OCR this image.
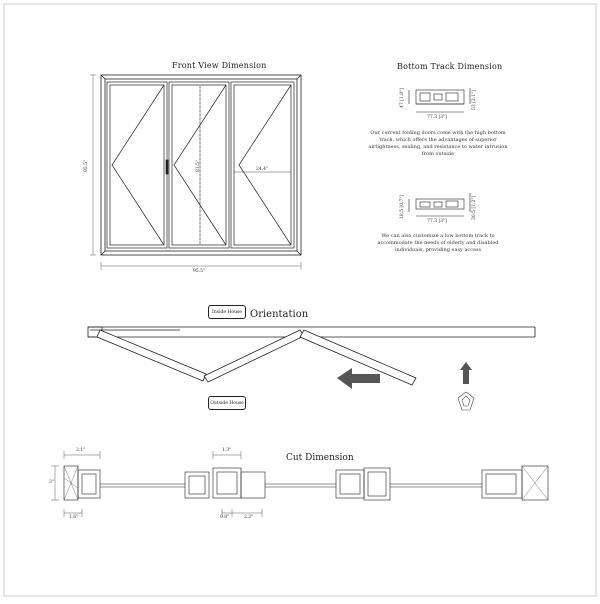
Front View Dimension	Bottom Track Dimension
Orientation
Cut Dimension
95.5"
95.5"
81.5"	24.4"
47 [1.8"]	53 [2.1"]
77.3 [3"]
Our current folding doors come with the high bottom track, which offers the advantages of superior airtightness, sealing, and resistance to water intrusion from outside
18.5 [0.7"]	30.5 [1.2"]
77.3 [3"]
We can also customize a low bottom track to accommodate the needs of elderly and disabled individuals, providing easy access
Inside House
Outside House
2.1"
3"
1.6"
1.3"
0.8"	2.2"
